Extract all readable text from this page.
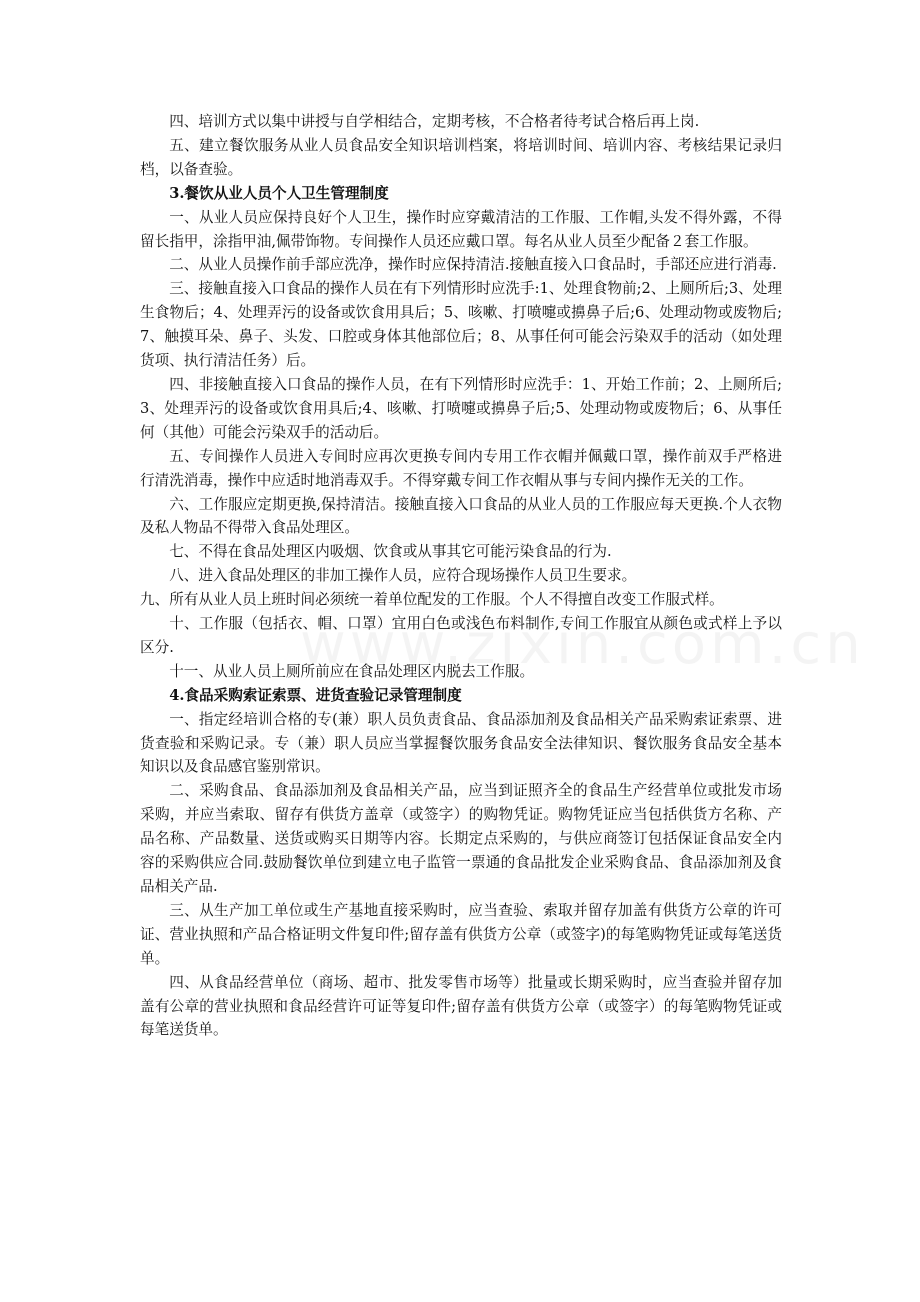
四、培训方式以集中讲授与自学相结合，定期考核，不合格者待考试合格后再上岗.

五、建立餐饮服务从业人员食品安全知识培训档案，将培训时间、培训内容、考核结果记录归档，以备查验。

3.餐饮从业人员个人卫生管理制度

一、从业人员应保持良好个人卫生，操作时应穿戴清洁的工作服、工作帽,头发不得外露，不得留长指甲，涂指甲油,佩带饰物。专间操作人员还应戴口罩。每名从业人员至少配备２套工作服。

二、从业人员操作前手部应洗净，操作时应保持清洁.接触直接入口食品时，手部还应进行消毒.

三、接触直接入口食品的操作人员在有下列情形时应洗手:1、处理食物前;2、上厕所后;3、处理生食物后；4、处理弄污的设备或饮食用具后；5、咳嗽、打喷嚏或擤鼻子后;6、处理动物或废物后;7、触摸耳朵、鼻子、头发、口腔或身体其他部位后；8、从事任何可能会污染双手的活动（如处理货项、执行清洁任务）后。

四、非接触直接入口食品的操作人员，在有下列情形时应洗手：1、开始工作前；2、上厕所后;3、处理弄污的设备或饮食用具后;4、咳嗽、打喷嚏或擤鼻子后;5、处理动物或废物后；6、从事任何（其他）可能会污染双手的活动后。

五、专间操作人员进入专间时应再次更换专间内专用工作衣帽并佩戴口罩，操作前双手严格进行清洗消毒，操作中应适时地消毒双手。不得穿戴专间工作衣帽从事与专间内操作无关的工作。

六、工作服应定期更换,保持清洁。接触直接入口食品的从业人员的工作服应每天更换.个人衣物及私人物品不得带入食品处理区。

七、不得在食品处理区内吸烟、饮食或从事其它可能污染食品的行为.

八、进入食品处理区的非加工操作人员，应符合现场操作人员卫生要求。

九、所有从业人员上班时间必须统一着单位配发的工作服。个人不得擅自改变工作服式样。

十、工作服（包括衣、帽、口罩）宜用白色或浅色布料制作,专间工作服宜从颜色或式样上予以区分.

十一、从业人员上厕所前应在食品处理区内脱去工作服。

4.食品采购索证索票、进货查验记录管理制度

一、指定经培训合格的专(兼）职人员负责食品、食品添加剂及食品相关产品采购索证索票、进货查验和采购记录。专（兼）职人员应当掌握餐饮服务食品安全法律知识、餐饮服务食品安全基本知识以及食品感官鉴别常识。

二、采购食品、食品添加剂及食品相关产品，应当到证照齐全的食品生产经营单位或批发市场采购，并应当索取、留存有供货方盖章（或签字）的购物凭证。购物凭证应当包括供货方名称、产品名称、产品数量、送货或购买日期等内容。长期定点采购的，与供应商签订包括保证食品安全内容的采购供应合同.鼓励餐饮单位到建立电子监管一票通的食品批发企业采购食品、食品添加剂及食品相关产品.

三、从生产加工单位或生产基地直接采购时，应当查验、索取并留存加盖有供货方公章的许可证、营业执照和产品合格证明文件复印件;留存盖有供货方公章（或签字)的每笔购物凭证或每笔送货单。

四、从食品经营单位（商场、超市、批发零售市场等）批量或长期采购时，应当查验并留存加盖有公章的营业执照和食品经营许可证等复印件;留存盖有供货方公章（或签字）的每笔购物凭证或每笔送货单。
